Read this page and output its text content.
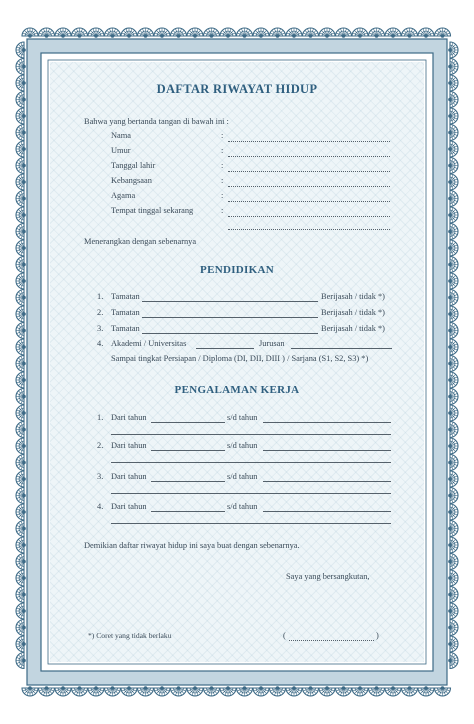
DAFTAR RIWAYAT HIDUP
Bahwa yang bertanda tangan di bawah ini :
Nama	:
Umur	:
Tanggal lahir	:
Kebangsaan	:
Agama	:
Tempat tinggal sekarang	:
Menerangkan dengan sebenarnya
PENDIDIKAN
1. Tamatan	Berijasah / tidak *)
2. Tamatan	Berijasah / tidak *)
3. Tamatan	Berijasah / tidak *)
4. Akademi / Universitas	Jurusan
Sampai tingkat Persiapan / Diploma (DI, DII, DIII ) / Sarjana (S1, S2, S3) *)
PENGALAMAN KERJA
1. Dari tahun	s/d tahun
2. Dari tahun	s/d tahun
3. Dari tahun	s/d tahun
4. Dari tahun	s/d tahun
Demikian daftar riwayat hidup ini saya buat dengan sebenarnya.
Saya yang bersangkutan,
*) Coret yang tidak berlaku	(	)
